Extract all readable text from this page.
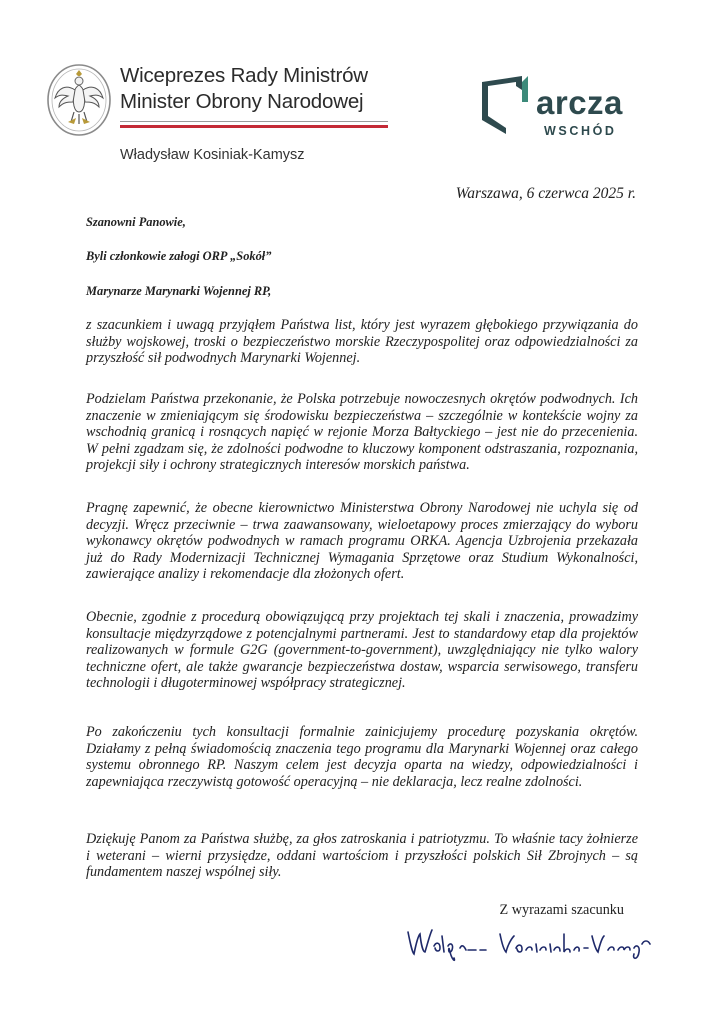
Wiceprezes Rady Ministrów
Minister Obrony Narodowej
Władysław Kosiniak-Kamysz
arcza
WSCHÓD
Warszawa, 6 czerwca 2025 r.
Szanowni Panowie,
Byli członkowie załogi ORP „Sokół”
Marynarze Marynarki Wojennej RP,

z szacunkiem i uwagą przyjąłem Państwa list, który jest wyrazem głębokiego przywiązania do służby wojskowej, troski o bezpieczeństwo morskie Rzeczypospolitej oraz odpowiedzialności za przyszłość sił podwodnych Marynarki Wojennej.

Podzielam Państwa przekonanie, że Polska potrzebuje nowoczesnych okrętów podwodnych. Ich znaczenie w zmieniającym się środowisku bezpieczeństwa – szczególnie w kontekście wojny za wschodnią granicą i rosnących napięć w rejonie Morza Bałtyckiego – jest nie do przecenienia. W pełni zgadzam się, że zdolności podwodne to kluczowy komponent odstraszania, rozpoznania, projekcji siły i ochrony strategicznych interesów morskich państwa.

Pragnę zapewnić, że obecne kierownictwo Ministerstwa Obrony Narodowej nie uchyla się od decyzji. Wręcz przeciwnie – trwa zaawansowany, wieloetapowy proces zmierzający do wyboru wykonawcy okrętów podwodnych w ramach programu ORKA. Agencja Uzbrojenia przekazała już do Rady Modernizacji Technicznej Wymagania Sprzętowe oraz Studium Wykonalności, zawierające analizy i rekomendacje dla złożonych ofert.

Obecnie, zgodnie z procedurą obowiązującą przy projektach tej skali i znaczenia, prowadzimy konsultacje międzyrządowe z potencjalnymi partnerami. Jest to standardowy etap dla projektów realizowanych w formule G2G (government-to-government), uwzględniający nie tylko walory techniczne ofert, ale także gwarancje bezpieczeństwa dostaw, wsparcia serwisowego, transferu technologii i długoterminowej współpracy strategicznej.

Po zakończeniu tych konsultacji formalnie zainicjujemy procedurę pozyskania okrętów. Działamy z pełną świadomością znaczenia tego programu dla Marynarki Wojennej oraz całego systemu obronnego RP. Naszym celem jest decyzja oparta na wiedzy, odpowiedzialności i zapewniająca rzeczywistą gotowość operacyjną – nie deklaracja, lecz realne zdolności.

Dziękuję Panom za Państwa służbę, za głos zatroskania i patriotyzmu. To właśnie tacy żołnierze i weterani – wierni przysiędze, oddani wartościom i przyszłości polskich Sił Zbrojnych – są fundamentem naszej wspólnej siły.

Z wyrazami szacunku
